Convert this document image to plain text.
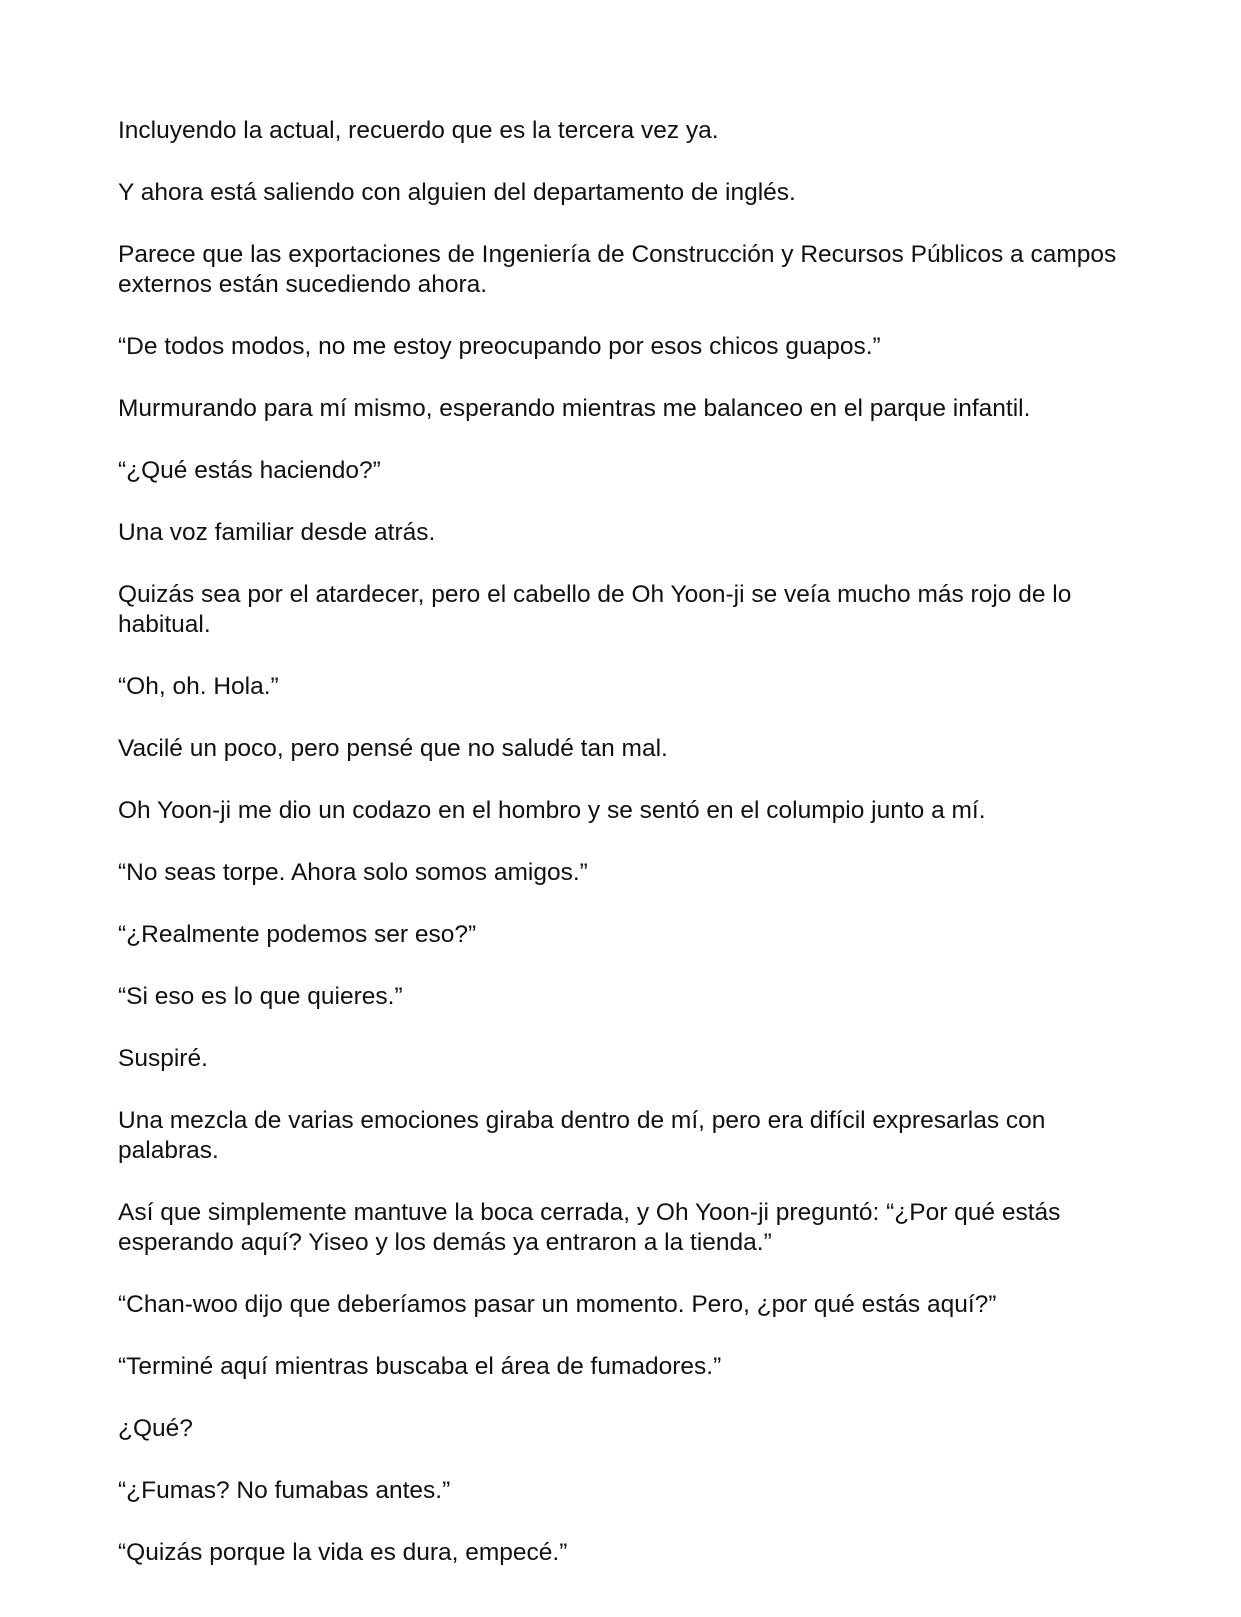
Incluyendo la actual, recuerdo que es la tercera vez ya.

Y ahora está saliendo con alguien del departamento de inglés.

Parece que las exportaciones de Ingeniería de Construcción y Recursos Públicos a campos externos están sucediendo ahora.

“De todos modos, no me estoy preocupando por esos chicos guapos.”

Murmurando para mí mismo, esperando mientras me balanceo en el parque infantil.

“¿Qué estás haciendo?”

Una voz familiar desde atrás.

Quizás sea por el atardecer, pero el cabello de Oh Yoon-ji se veía mucho más rojo de lo habitual.

“Oh, oh. Hola.”

Vacilé un poco, pero pensé que no saludé tan mal.

Oh Yoon-ji me dio un codazo en el hombro y se sentó en el columpio junto a mí.

“No seas torpe. Ahora solo somos amigos.”

“¿Realmente podemos ser eso?”

“Si eso es lo que quieres.”

Suspiré.

Una mezcla de varias emociones giraba dentro de mí, pero era difícil expresarlas con palabras.

Así que simplemente mantuve la boca cerrada, y Oh Yoon-ji preguntó: “¿Por qué estás esperando aquí? Yiseo y los demás ya entraron a la tienda.”

“Chan-woo dijo que deberíamos pasar un momento. Pero, ¿por qué estás aquí?”

“Terminé aquí mientras buscaba el área de fumadores.”

¿Qué?

“¿Fumas? No fumabas antes.”

“Quizás porque la vida es dura, empecé.”
